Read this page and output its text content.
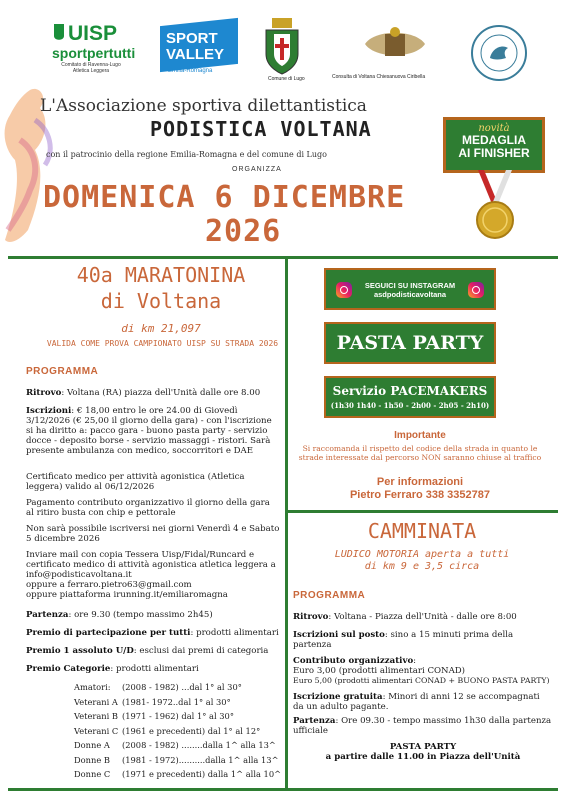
UISP
sportpertutti
Comitato di Ravenna-Lugo Atletica Leggera
SPORT
VALLEY
Emilia-Romagna
Comune di Lugo	Consulta di Voltana Chiesanuova Ciribella
L'Associazione sportiva dilettantistica
PODISTICA VOLTANA
con il patrocinio della regione Emilia-Romagna e del comune di Lugo
ORGANIZZA
DOMENICA 6 DICEMBRE
2026
novità
MEDAGLIA
AI FINISHER
40a MARATONINA
di Voltana
di km 21,097
VALIDA COME PROVA CAMPIONATO UISP SU STRADA 2026
PROGRAMMA
Ritrovo: Voltana (RA) piazza dell'Unità dalle ore 8.00
Iscrizioni: € 18,00 entro le ore 24.00 di Giovedì 3/12/2026 (€ 25,00 il giorno della gara) - con l'iscrizione si ha diritto a: pacco gara - buono pasta party - servizio docce - deposito borse - servizio massaggi - ristori. Sarà presente ambulanza con medico, soccorritori e DAE
Certificato medico per attività agonistica (Atletica leggera) valido al 06/12/2026
Pagamento contributo organizzativo il giorno della gara al ritiro busta con chip e pettorale
Non sarà possibile iscriversi nei giorni Venerdì 4 e Sabato 5 dicembre 2026
Inviare mail con copia Tessera Uisp/Fidal/Runcard e certificato medico di attività agonistica atletica leggera a info@podisticavoltana.it
oppure a ferraro.pietro63@gmail.com
oppure piattaforma irunning.it/emiliaromagna
Partenza: ore 9.30 (tempo massimo 2h45)
Premio di partecipazione per tutti: prodotti alimentari
Premio 1 assoluto U/D: esclusi dai premi di categoria
Premio Categorie: prodotti alimentari
SEGUICI SU INSTAGRAM
asdpodisticavoltana
PASTA PARTY
Servizio PACEMAKERS
(1h30 1h40 - 1h50 - 2h00 - 2h05 - 2h10)
Importante
Si raccomanda il rispetto del codice della strada in quanto le strade interessate dal percorso NON saranno chiuse al traffico
Per informazioni
Pietro Ferraro 338 3352787
CAMMINATA
LUDICO MOTORIA aperta a tutti
di km 9 e 3,5 circa
PROGRAMMA
Ritrovo: Voltana - Piazza dell'Unità - dalle ore 8:00
Iscrizioni sul posto: sino a 15 minuti prima della partenza
Contributo organizzativo:
Euro 3,00 (prodotti alimentari CONAD)
Euro 5,00 (prodotti alimentari CONAD + BUONO PASTA PARTY)
Iscrizione gratuita: Minori di anni 12 se accompagnati da un adulto pagante.
Partenza: Ore 09.30 - tempo massimo 1h30 dalla partenza ufficiale
PASTA PARTY
a partire dalle 11.00 in Piazza dell'Unità
Amatori: (2008 - 1982) ...dal 1° al 30°
Veterani A (1981- 1972..dal 1° al 30°
Veterani B (1971 - 1962) dal 1° al 30°
Veterani C (1961 e precedenti) dal 1° al 12°
Donne A (2008 - 1982) ........dalla 1^ alla 13^
Donne B (1981 - 1972)..........dalla 1^ alla 13^
Donne C (1971 e precedenti) dalla 1^ alla 10^
